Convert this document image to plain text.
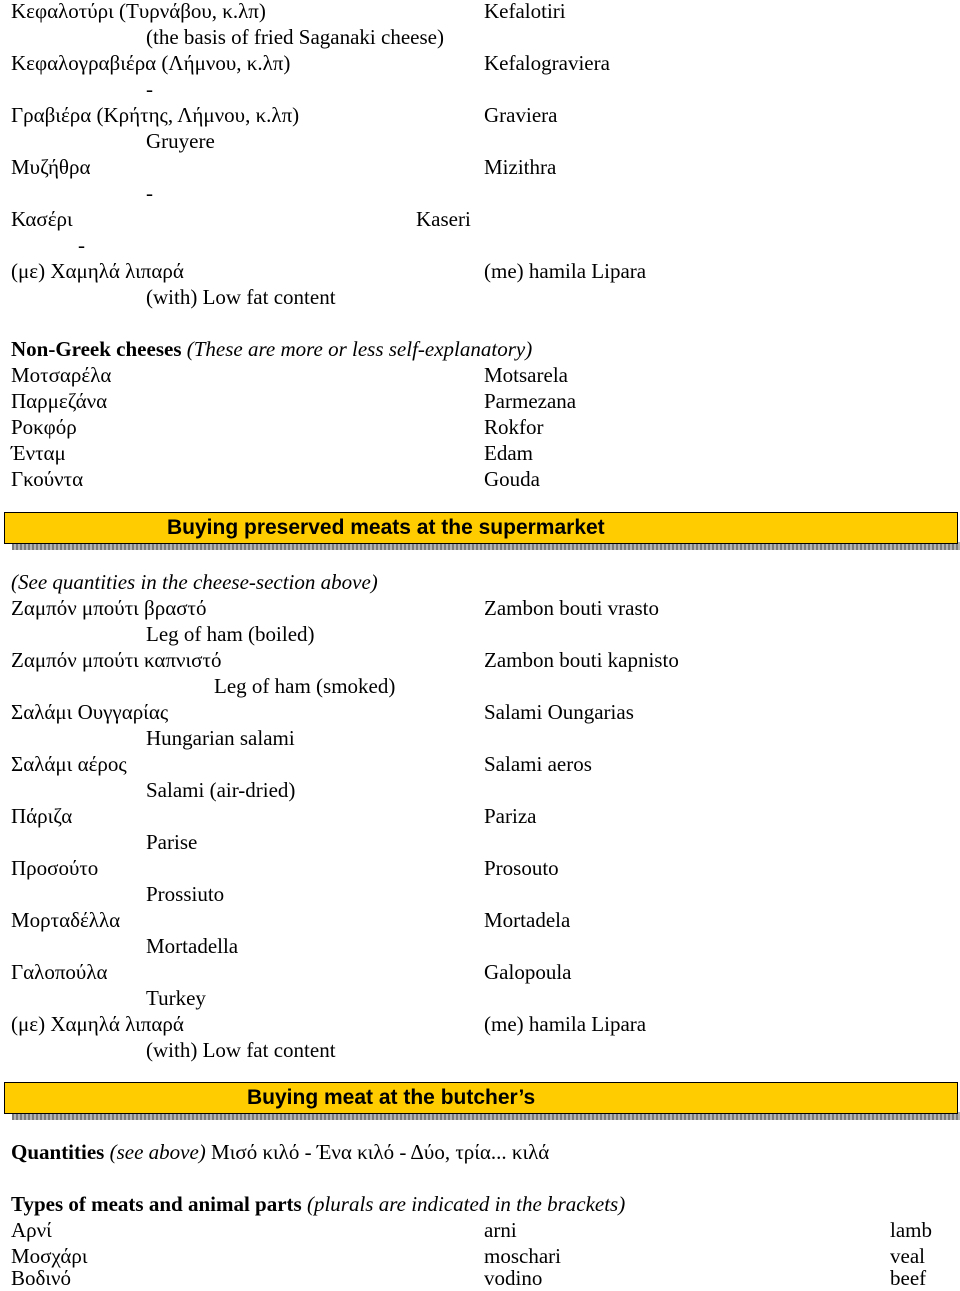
Κεφαλοτύρι (Τυρνάβου, κ.λπ)	Kefalotiri
(the basis of fried Saganaki cheese)
Κεφαλογραβιέρα (Λήμνου, κ.λπ)	Kefalograviera
-
Γραβιέρα (Κρήτης, Λήμνου, κ.λπ)	Graviera
Gruyere
Μυζήθρα	Mizithra
-
Κασέρι	Kaseri
-
(με) Χαμηλά λιπαρά	(me) hamila Lipara
(with) Low fat content
Non-Greek cheeses (These are more or less self-explanatory)
Μοτσαρέλα	Motsarela
Παρμεζάνα	Parmezana
Ροκφόρ	Rokfor
Ένταμ	Edam
Γκούντα	Gouda
Buying preserved meats at the supermarket
(See quantities in the cheese-section above)
Ζαμπόν μπούτι βραστό	Zambon bouti vrasto
Leg of ham (boiled)
Ζαμπόν μπούτι καπνιστό	Zambon bouti kapnisto
Leg of ham (smoked)
Σαλάμι Ουγγαρίας	Salami Oungarias
Hungarian salami
Σαλάμι αέρος	Salami aeros
Salami (air-dried)
Πάριζα	Pariza
Parise
Προσούτο	Prosouto
Prossiuto
Μορταδέλλα	Mortadela
Mortadella
Γαλοπούλα	Galopoula
Turkey
(με) Χαμηλά λιπαρά	(me) hamila Lipara
(with) Low fat content
Buying meat at the butcher’s
Quantities (see above) Μισό κιλό - Ένα κιλό - Δύο, τρία... κιλά
Types of meats and animal parts (plurals are indicated in the brackets)
Αρνί	arni	lamb
Μοσχάρι	moschari	veal
Βοδινό	vodino	beef
